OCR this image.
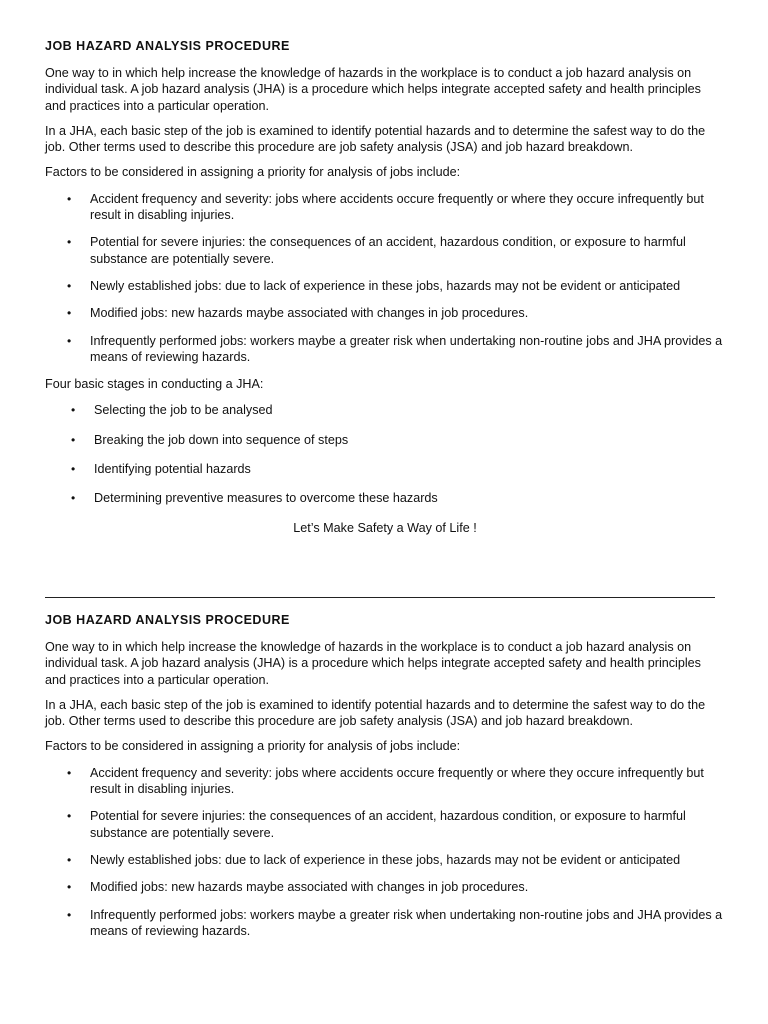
JOB HAZARD ANALYSIS PROCEDURE

One way to in which help increase the knowledge of hazards in the workplace is to conduct a job hazard analysis on individual task. A job hazard analysis (JHA) is a procedure which helps integrate accepted safety and health principles and practices into a particular operation.

In a JHA, each basic step of the job is examined to identify potential hazards and to determine the safest way to do the job. Other terms used to describe this procedure are job safety analysis (JSA) and job hazard breakdown.

Factors to be considered in assigning a priority for analysis of jobs include:

• Accident frequency and severity: jobs where accidents occure frequently or where they occure infrequently but result in disabling injuries.
• Potential for severe injuries: the consequences of an accident, hazardous condition, or exposure to harmful substance are potentially severe.
• Newly established jobs: due to lack of experience in these jobs, hazards may not be evident or anticipated
• Modified jobs: new hazards maybe associated with changes in job procedures.
• Infrequently performed jobs: workers maybe a greater risk when undertaking non-routine jobs and JHA provides a means of reviewing hazards.

Four basic stages in conducting a JHA:

• Selecting the job to be analysed
• Breaking the job down into sequence of steps
• Identifying potential hazards
• Determining preventive measures to overcome these hazards

Let’s Make Safety a Way of Life !

JOB HAZARD ANALYSIS PROCEDURE

One way to in which help increase the knowledge of hazards in the workplace is to conduct a job hazard analysis on individual task. A job hazard analysis (JHA) is a procedure which helps integrate accepted safety and health principles and practices into a particular operation.

In a JHA, each basic step of the job is examined to identify potential hazards and to determine the safest way to do the job. Other terms used to describe this procedure are job safety analysis (JSA) and job hazard breakdown.

Factors to be considered in assigning a priority for analysis of jobs include:

• Accident frequency and severity: jobs where accidents occure frequently or where they occure infrequently but result in disabling injuries.
• Potential for severe injuries: the consequences of an accident, hazardous condition, or exposure to harmful substance are potentially severe.
• Newly established jobs: due to lack of experience in these jobs, hazards may not be evident or anticipated
• Modified jobs: new hazards maybe associated with changes in job procedures.
• Infrequently performed jobs: workers maybe a greater risk when undertaking non-routine jobs and JHA provides a means of reviewing hazards.
